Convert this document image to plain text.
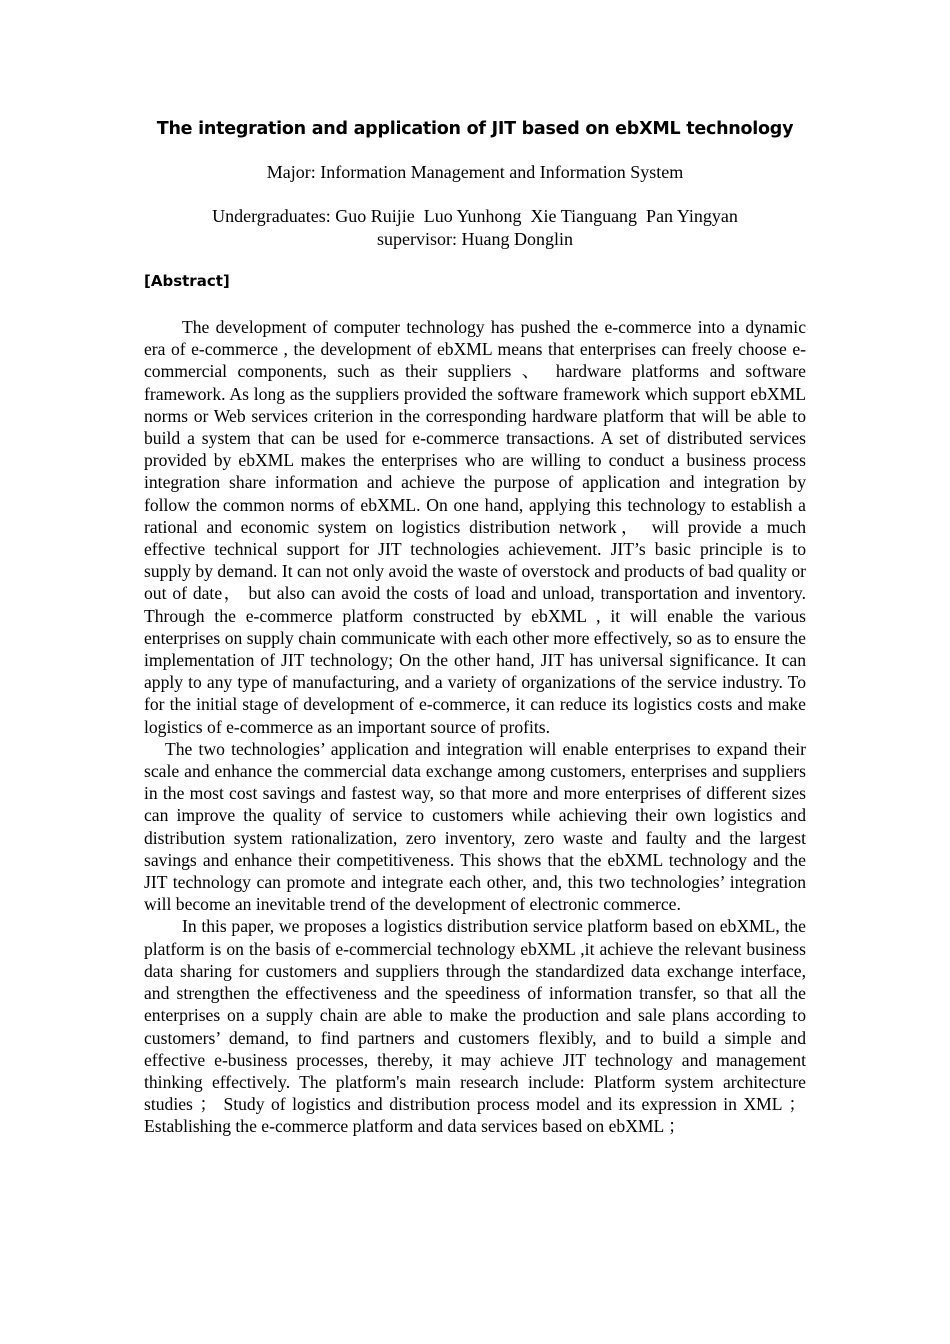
The integration and application of JIT based on ebXML technology
Major: Information Management and Information System
Undergraduates: Guo Ruijie  Luo Yunhong  Xie Tianguang  Pan Yingyan
supervisor: Huang Donglin
[Abstract]

The development of computer technology has pushed the e-commerce into a dynamic era of e-commerce , the development of ebXML means that enterprises can freely choose e-commercial components, such as their suppliers 、 hardware platforms and software framework. As long as the suppliers provided the software framework which support ebXML norms or Web services criterion in the corresponding hardware platform that will be able to build a system that can be used for e-commerce transactions. A set of distributed services provided by ebXML makes the enterprises who are willing to conduct a business process integration share information and achieve the purpose of application and integration by follow the common norms of ebXML. On one hand, applying this technology to establish a rational and economic system on logistics distribution network， will provide a much effective technical support for JIT technologies achievement. JIT’s basic principle is to supply by demand. It can not only avoid the waste of overstock and products of bad quality or out of date， but also can avoid the costs of load and unload, transportation and inventory. Through the e-commerce platform constructed by ebXML , it will enable the various enterprises on supply chain communicate with each other more effectively, so as to ensure the implementation of JIT technology; On the other hand, JIT has universal significance. It can apply to any type of manufacturing, and a variety of organizations of the service industry. To for the initial stage of development of e-commerce, it can reduce its logistics costs and make logistics of e-commerce as an important source of profits.

The two technologies’ application and integration will enable enterprises to expand their scale and enhance the commercial data exchange among customers, enterprises and suppliers in the most cost savings and fastest way, so that more and more enterprises of different sizes can improve the quality of service to customers while achieving their own logistics and distribution system rationalization, zero inventory, zero waste and faulty and the largest savings and enhance their competitiveness. This shows that the ebXML technology and the JIT technology can promote and integrate each other, and, this two technologies’ integration will become an inevitable trend of the development of electronic commerce.

In this paper, we proposes a logistics distribution service platform based on ebXML, the platform is on the basis of e-commercial technology ebXML ,it achieve the relevant business data sharing for customers and suppliers through the standardized data exchange interface, and strengthen the effectiveness and the speediness of information transfer, so that all the enterprises on a supply chain are able to make the production and sale plans according to customers’ demand, to find partners and customers flexibly, and to build a simple and effective e-business processes, thereby, it may achieve JIT technology and management thinking effectively. The platform's main research include: Platform system architecture studies ； Study of logistics and distribution process model and its expression in XML ； Establishing the e-commerce platform and data services based on ebXML ；
